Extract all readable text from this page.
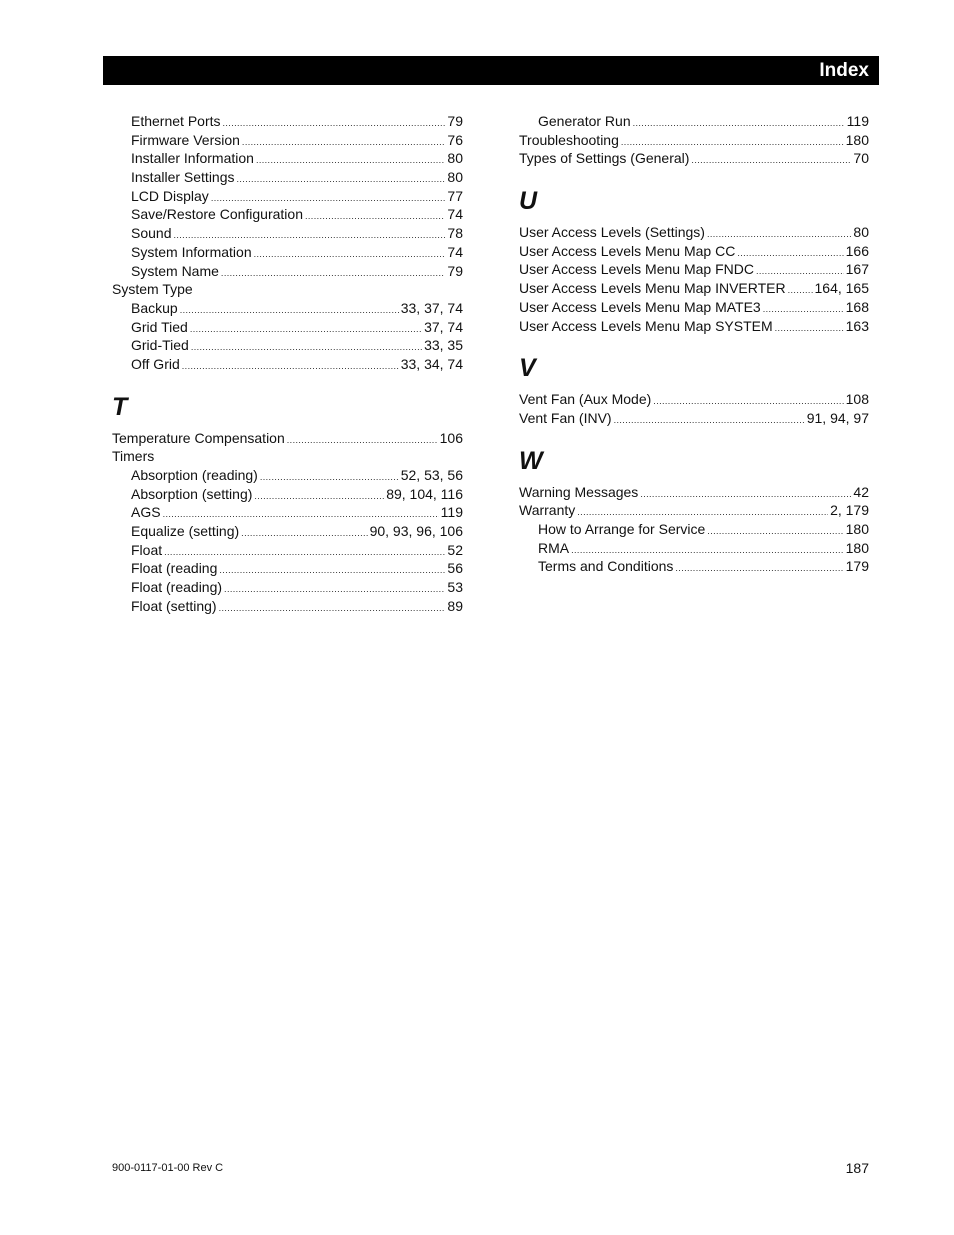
Index
Ethernet Ports .....	79
Firmware Version .....	76
Installer Information .....	80
Installer Settings .....	80
LCD Display .....	77
Save/Restore Configuration .....	74
Sound .....	78
System Information .....	74
System Name .....	79
System Type
Backup .....	33, 37, 74
Grid Tied .....	37, 74
Grid-Tied .....	33, 35
Off Grid .....	33, 34, 74
T
Temperature Compensation .....	106
Timers
Absorption (reading) .....	52, 53, 56
Absorption (setting) .....	89, 104, 116
AGS .....	119
Equalize (setting) .....	90, 93, 96, 106
Float .....	52
Float (reading .....	56
Float (reading) .....	53
Float (setting) .....	89
Generator Run .....	119
Troubleshooting .....	180
Types of Settings (General) .....	70
U
User Access Levels (Settings) .....	80
User Access Levels Menu Map CC .....	166
User Access Levels Menu Map FNDC .....	167
User Access Levels Menu Map INVERTER ..... 164, 165
User Access Levels Menu Map MATE3 .....	168
User Access Levels Menu Map SYSTEM .....	163
V
Vent Fan (Aux Mode) .....	108
Vent Fan (INV) .....	91, 94, 97
W
Warning Messages .....	42
Warranty .....	2, 179
How to Arrange for Service .....	180
RMA .....	180
Terms and Conditions .....	179
900-0117-01-00 Rev C	187
